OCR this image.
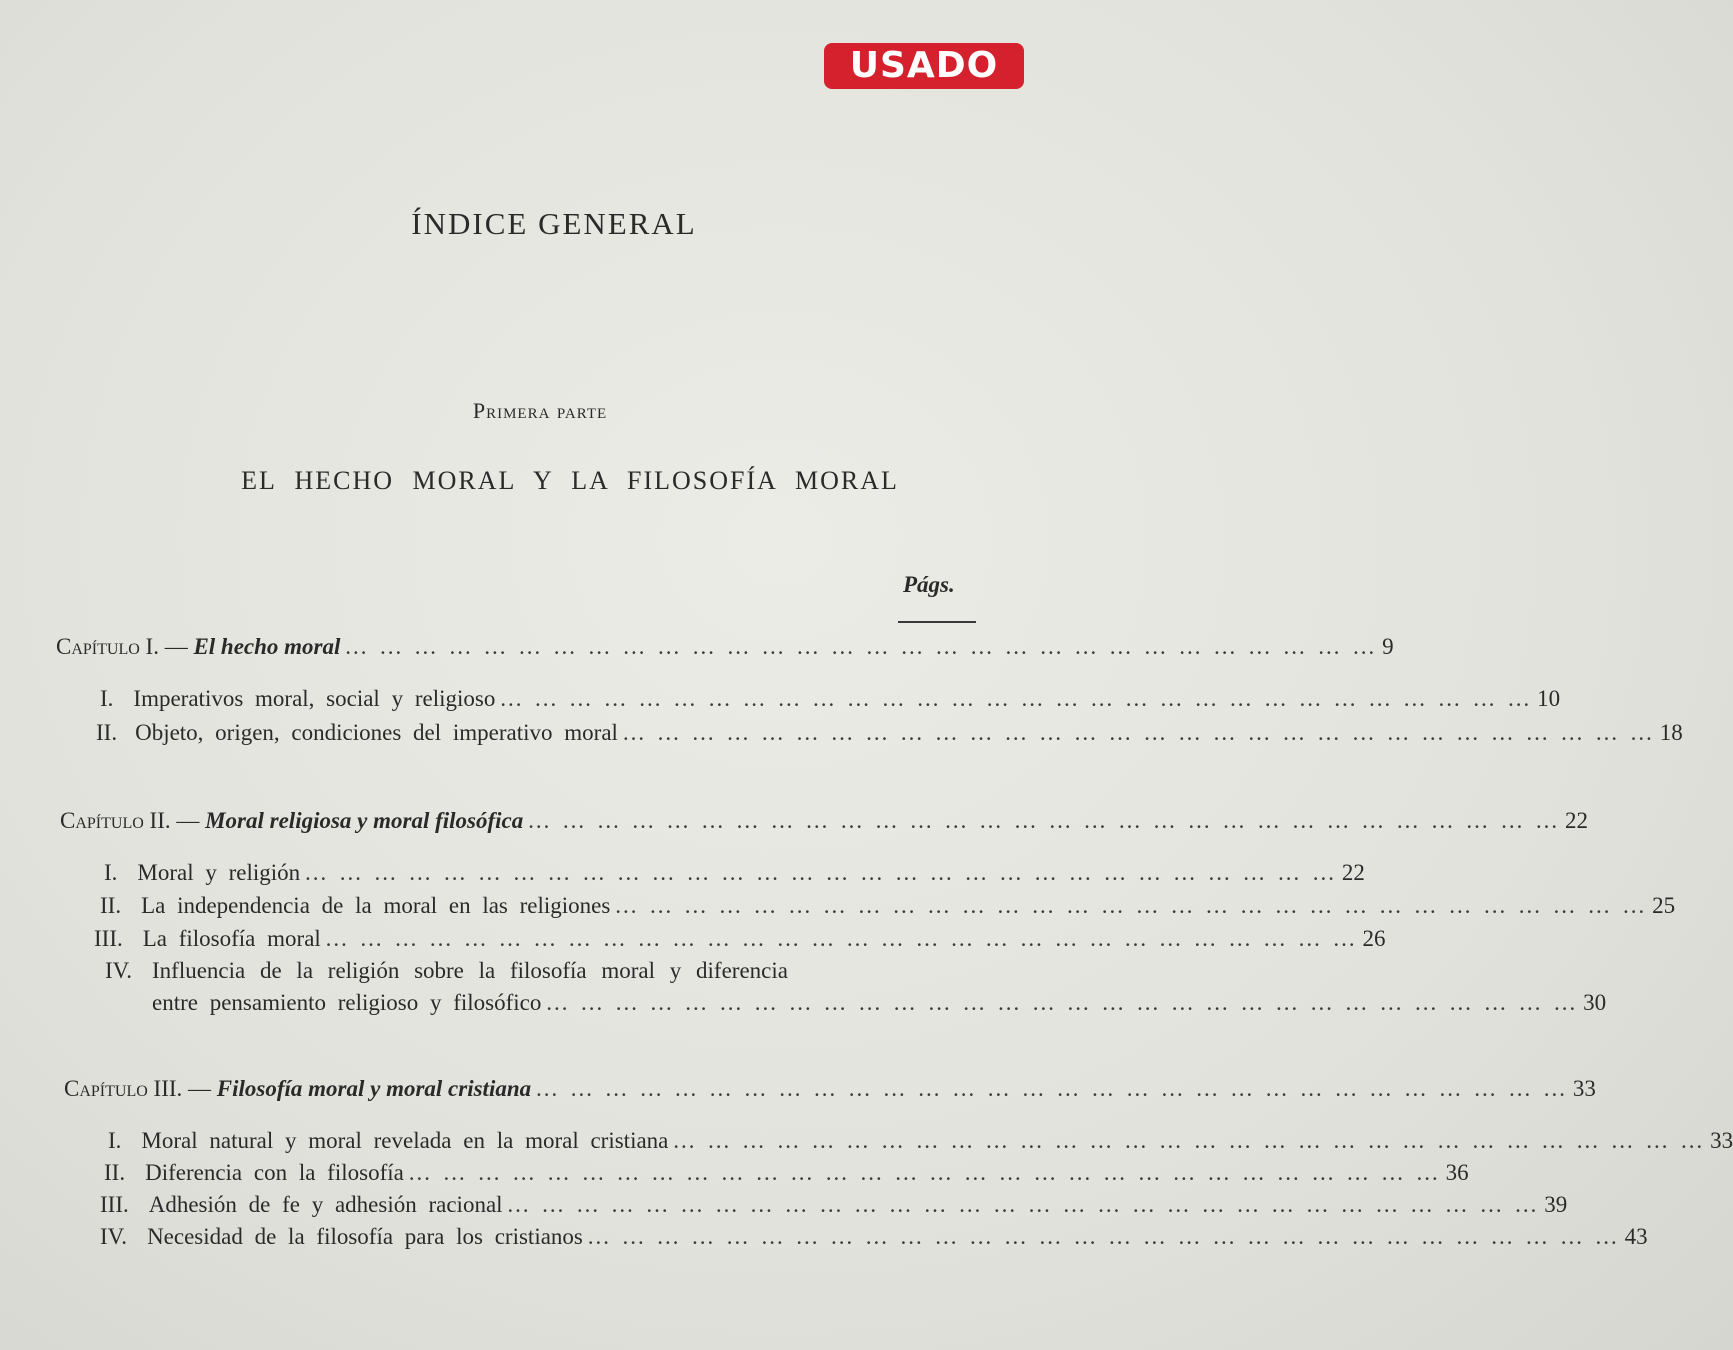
USADO
ÍNDICE GENERAL
Primera parte
EL HECHO MORAL Y LA FILOSOFÍA MORAL
Págs.
Capítulo I. — El hecho moral … … … … … … … … … … … … … … … … … … … … … … … … … … … … … … 9
I. Imperativos moral, social y religioso … … … … … … … … … … … … … … … … … … … … … … … … … … … … … … 10
II. Objeto, origen, condiciones del imperativo moral … … … … … … … … … … … … … … … … … … … … … … … … … … … … … … 18
Capítulo II. — Moral religiosa y moral filosófica … … … … … … … … … … … … … … … … … … … … … … … … … … … … … … 22
I. Moral y religión … … … … … … … … … … … … … … … … … … … … … … … … … … … … … … 22
II. La independencia de la moral en las religiones … … … … … … … … … … … … … … … … … … … … … … … … … … … … … … 25
III. La filosofía moral … … … … … … … … … … … … … … … … … … … … … … … … … … … … … … 26
IV. Influencia de la religión sobre la filosofía moral y diferencia
entre pensamiento religioso y filosófico … … … … … … … … … … … … … … … … … … … … … … … … … … … … … … 30
Capítulo III. — Filosofía moral y moral cristiana … … … … … … … … … … … … … … … … … … … … … … … … … … … … … … 33
I. Moral natural y moral revelada en la moral cristiana … … … … … … … … … … … … … … … … … … … … … … … … … … … … … … 33
II. Diferencia con la filosofía … … … … … … … … … … … … … … … … … … … … … … … … … … … … … … 36
III. Adhesión de fe y adhesión racional … … … … … … … … … … … … … … … … … … … … … … … … … … … … … … 39
IV. Necesidad de la filosofía para los cristianos … … … … … … … … … … … … … … … … … … … … … … … … … … … … … … 43
